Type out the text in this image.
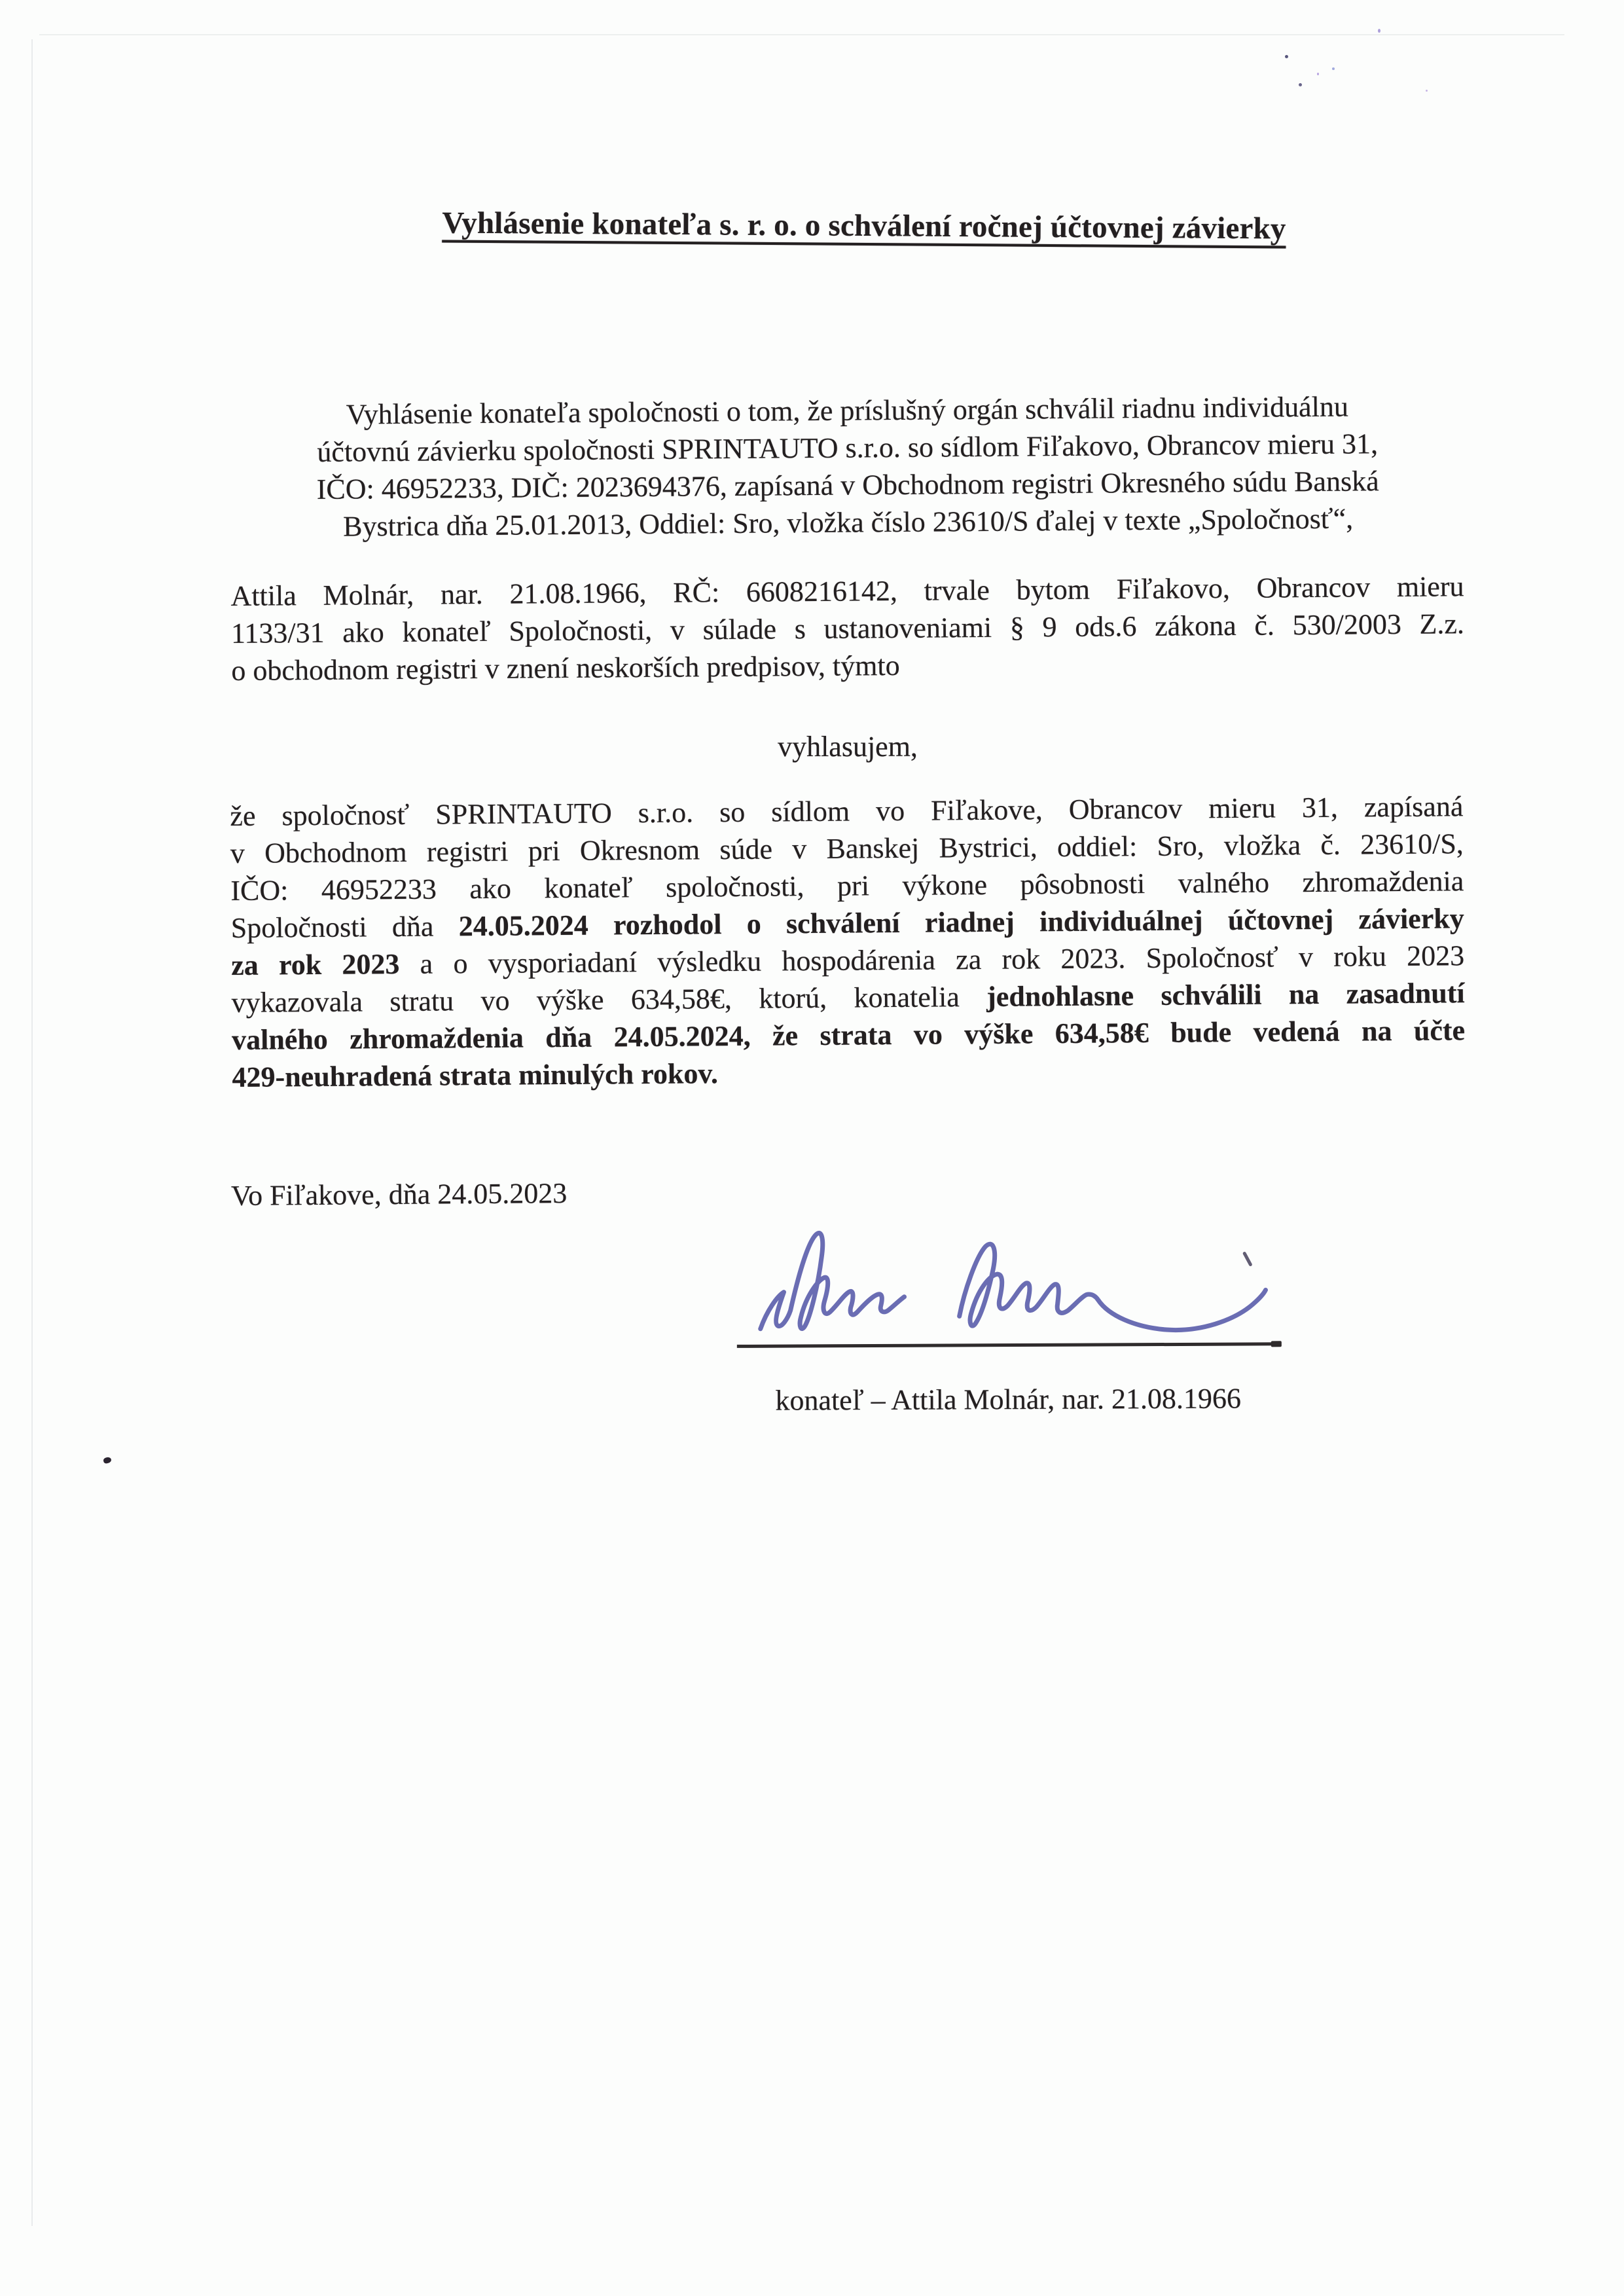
Vyhlásenie konateľa s. r. o. o schválení ročnej účtovnej závierky
Vyhlásenie konateľa spoločnosti o tom, že príslušný orgán schválil riadnu individuálnu
účtovnú závierku spoločnosti SPRINTAUTO s.r.o. so sídlom Fiľakovo, Obrancov mieru 31,
IČO: 46952233, DIČ: 2023694376, zapísaná v Obchodnom registri Okresného súdu Banská
Bystrica dňa 25.01.2013, Oddiel: Sro, vložka číslo 23610/S ďalej v texte „Spoločnosť“,
Attila Molnár, nar. 21.08.1966, RČ: 6608216142, trvale bytom Fiľakovo, Obrancov mieru
1133/31 ako konateľ Spoločnosti, v súlade s ustanoveniami § 9 ods.6 zákona č. 530/2003 Z.z.
o obchodnom registri v znení neskorších predpisov, týmto
vyhlasujem,
že spoločnosť SPRINTAUTO s.r.o. so sídlom vo Fiľakove, Obrancov mieru 31, zapísaná
v Obchodnom registri pri Okresnom súde v Banskej Bystrici, oddiel: Sro, vložka č. 23610/S,
IČO: 46952233 ako konateľ spoločnosti, pri výkone pôsobnosti valného zhromaždenia
Spoločnosti dňa 24.05.2024 rozhodol o schválení riadnej individuálnej účtovnej závierky
za rok 2023 a o vysporiadaní výsledku hospodárenia za rok 2023. Spoločnosť v roku 2023
vykazovala stratu vo výške 634,58€, ktorú, konatelia jednohlasne schválili na zasadnutí
valného zhromaždenia dňa 24.05.2024, že strata vo výške 634,58€ bude vedená na účte
429-neuhradená strata minulých rokov.
Vo Fiľakove, dňa 24.05.2023
konateľ – Attila Molnár, nar. 21.08.1966
